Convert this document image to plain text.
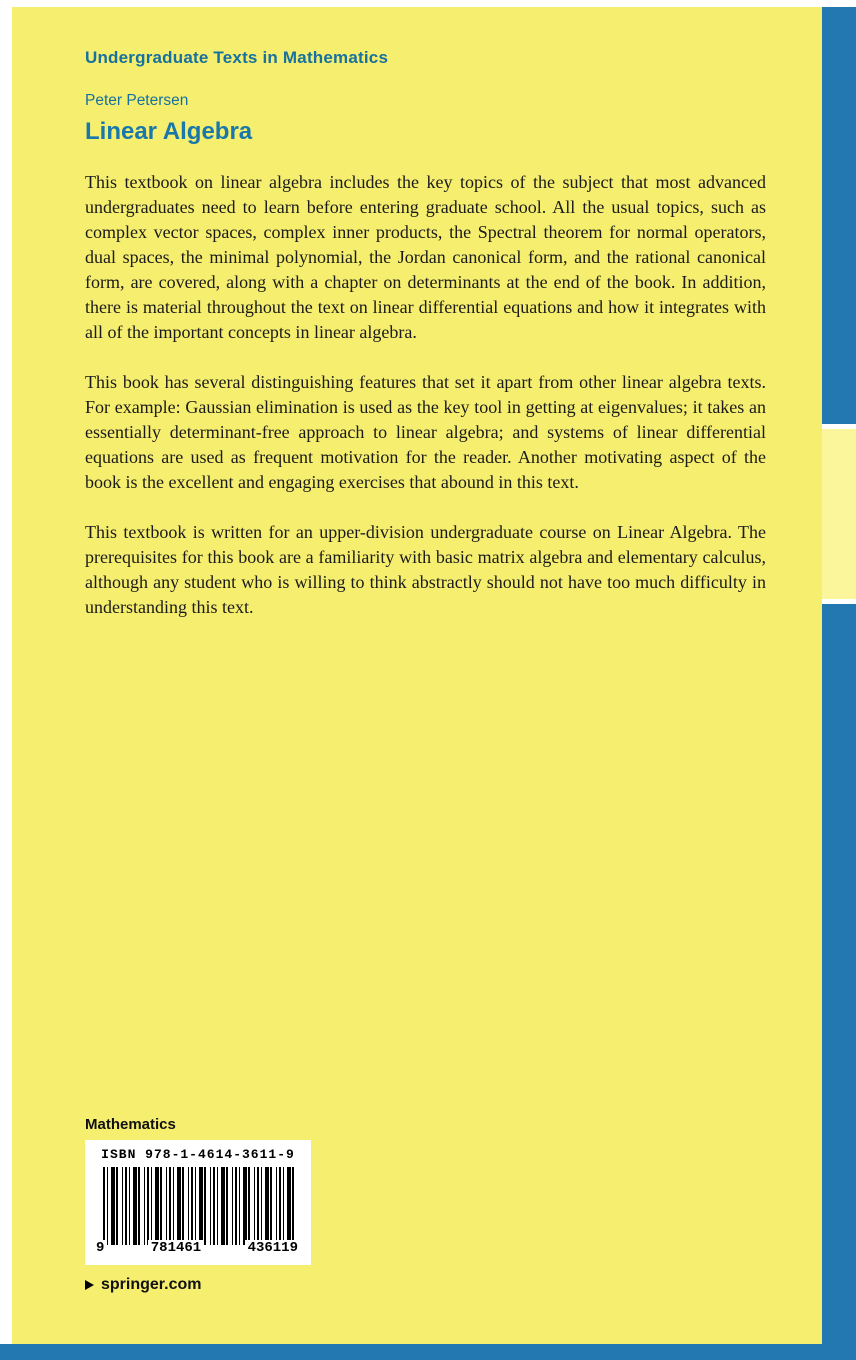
Undergraduate Texts in Mathematics
Peter Petersen
Linear Algebra

This textbook on linear algebra includes the key topics of the subject that most advanced undergraduates need to learn before entering graduate school. All the usual topics, such as complex vector spaces, complex inner products, the Spectral theorem for normal operators, dual spaces, the minimal polynomial, the Jordan canonical form, and the rational canonical form, are covered, along with a chapter on determinants at the end of the book. In addition, there is material throughout the text on linear differential equations and how it integrates with all of the important concepts in linear algebra.

This book has several distinguishing features that set it apart from other linear algebra texts. For example: Gaussian elimination is used as the key tool in getting at eigenvalues; it takes an essentially determinant-free approach to linear algebra; and systems of linear differential equations are used as frequent motivation for the reader. Another motivating aspect of the book is the excellent and engaging exercises that abound in this text.

This textbook is written for an upper-division undergraduate course on Linear Algebra. The prerequisites for this book are a familiarity with basic matrix algebra and elementary calculus, although any student who is willing to think abstractly should not have too much difficulty in understanding this text.

Mathematics
ISBN 978-1-4614-3611-9
9	781461	436119
springer.com
